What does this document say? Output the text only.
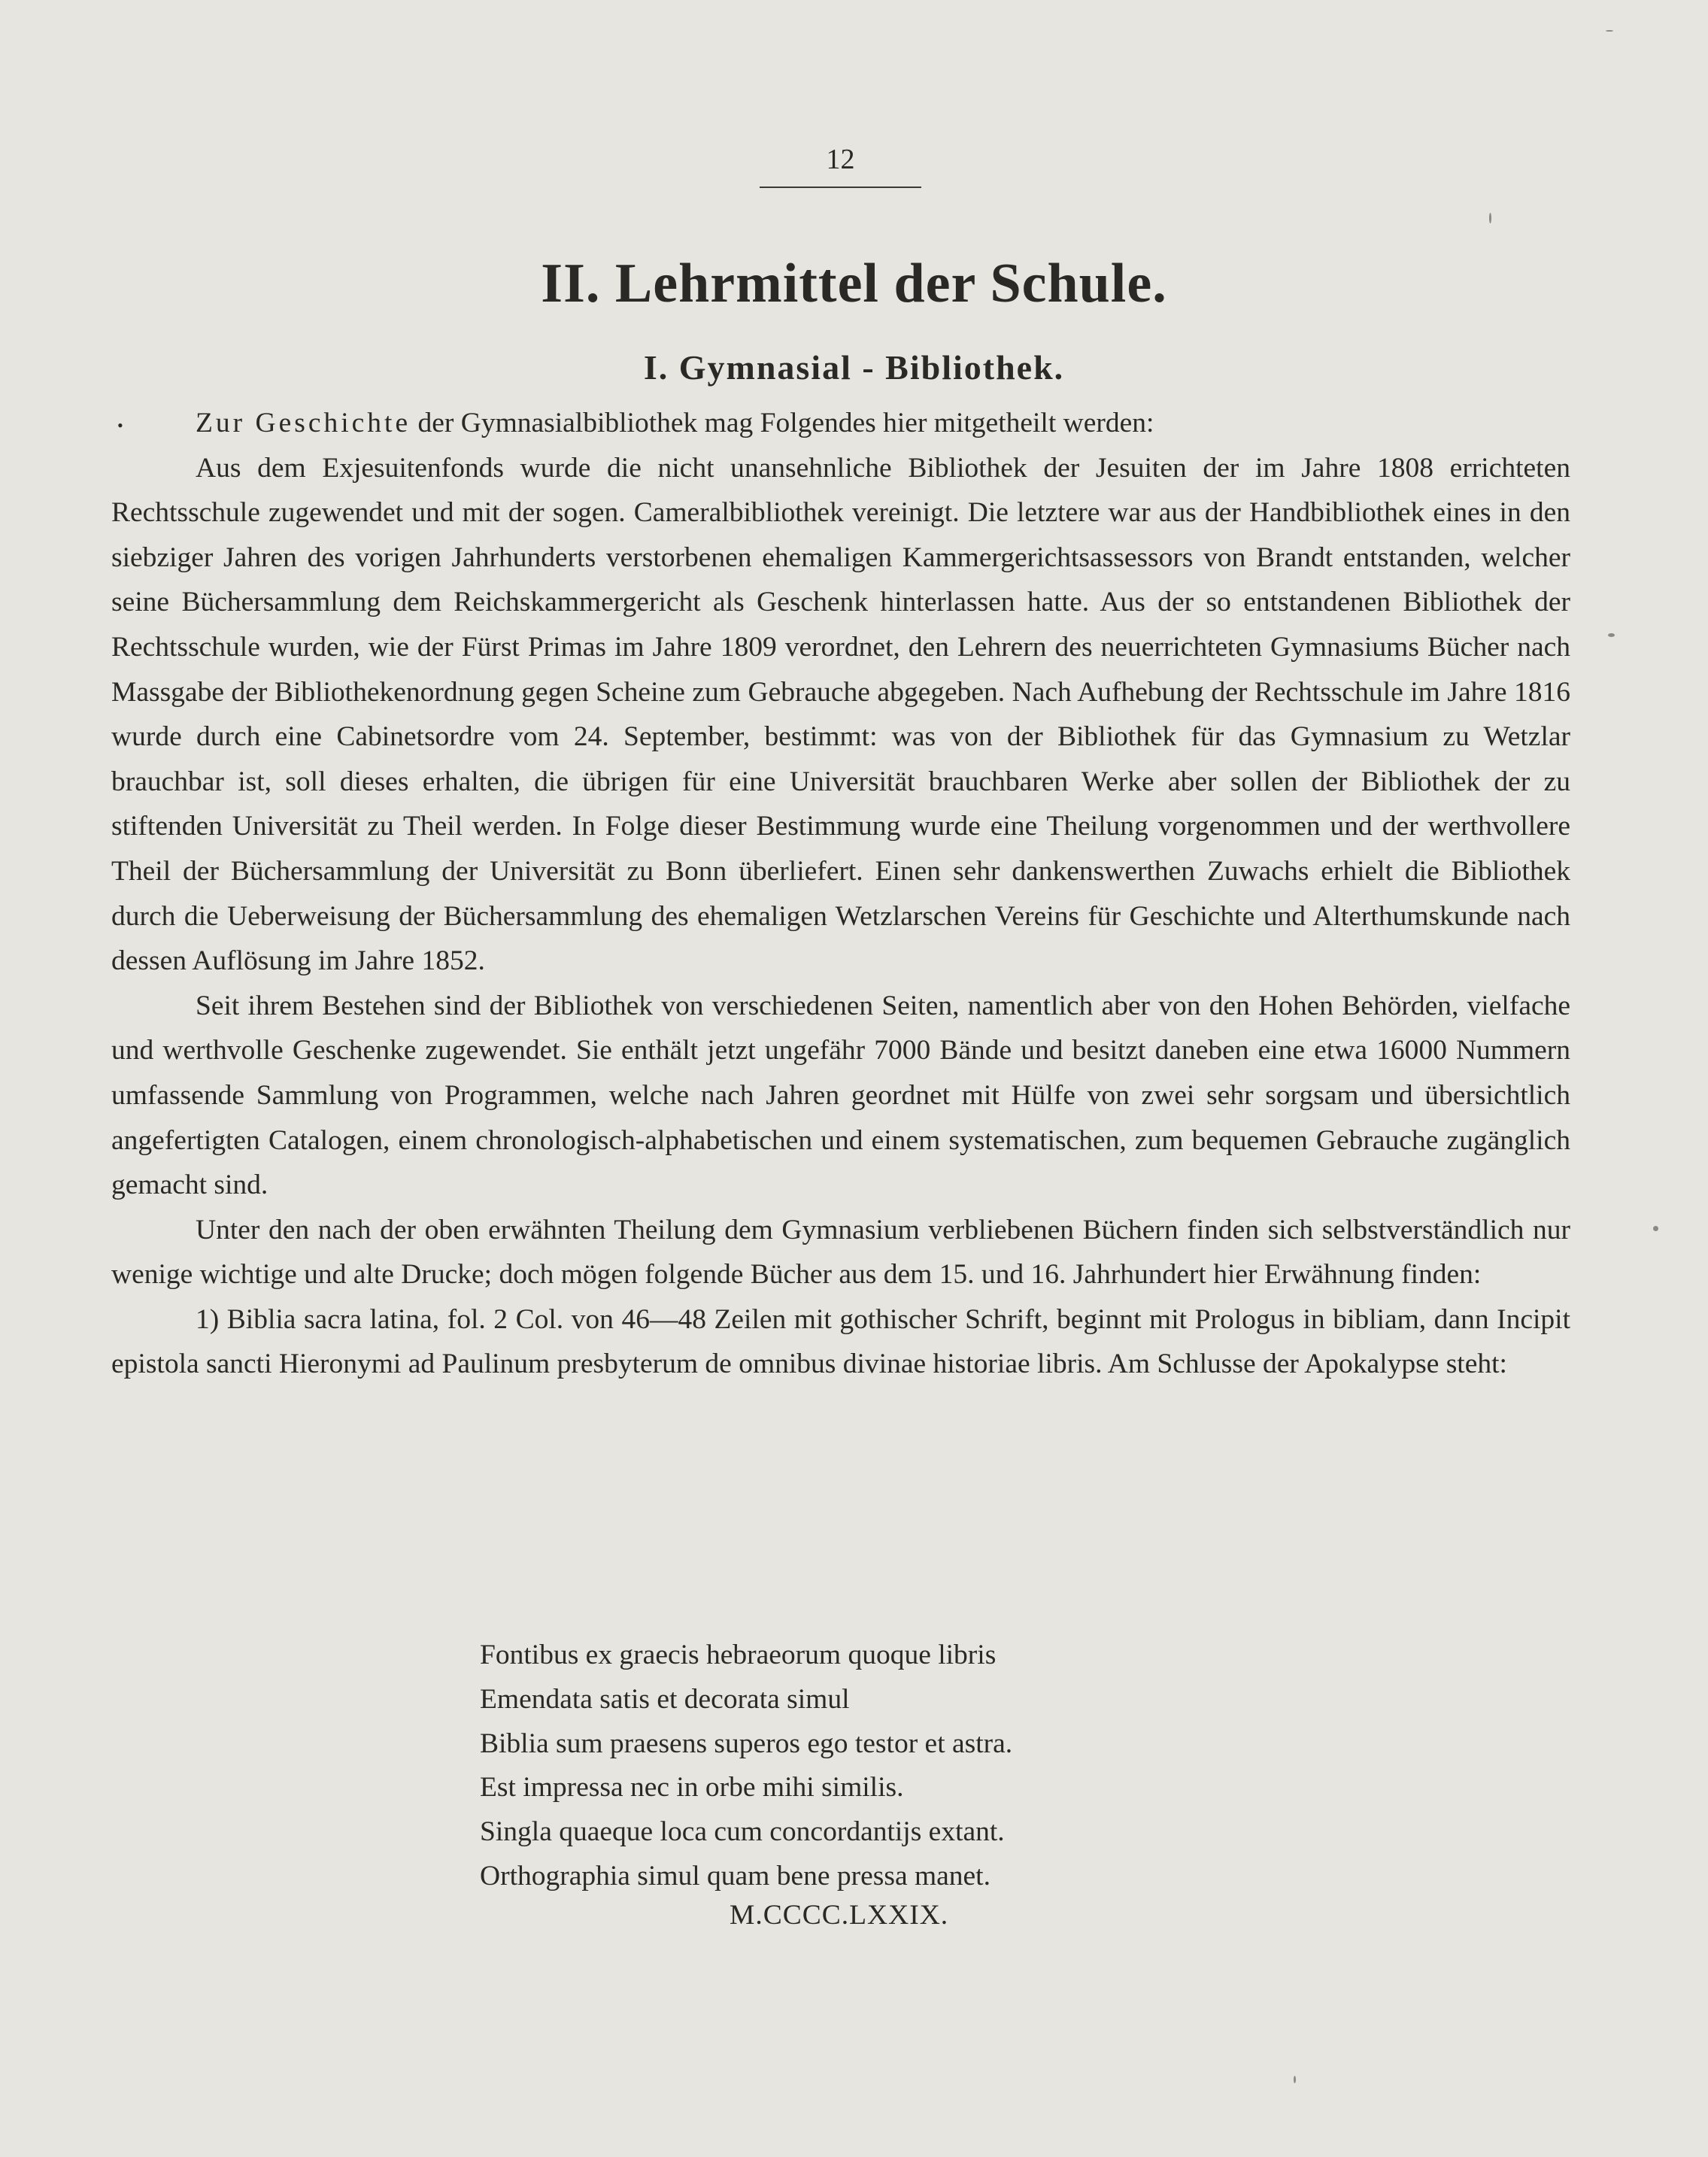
12
II. Lehrmittel der Schule.
I. Gymnasial - Bibliothek.
•	Zur Geschichte der Gymnasialbibliothek mag Folgendes hier mitgetheilt werden:

Aus dem Exjesuitenfonds wurde die nicht unansehnliche Bibliothek der Jesuiten der im Jahre 1808 errichteten Rechtsschule zugewendet und mit der sogen. Cameralbibliothek vereinigt. Die letztere war aus der Handbibliothek eines in den siebziger Jahren des vorigen Jahrhunderts verstorbenen ehemaligen Kammergerichtsassessors von Brandt entstanden, welcher seine Büchersammlung dem Reichskammergericht als Geschenk hinterlassen hatte. Aus der so entstandenen Bibliothek der Rechtsschule wurden, wie der Fürst Primas im Jahre 1809 verordnet, den Lehrern des neuerrichteten Gymnasiums Bücher nach Massgabe der Bibliothekenordnung gegen Scheine zum Gebrauche abgegeben. Nach Aufhebung der Rechtsschule im Jahre 1816 wurde durch eine Cabinetsordre vom 24. September, bestimmt: was von der Bibliothek für das Gymnasium zu Wetzlar brauchbar ist, soll dieses erhalten, die übrigen für eine Universität brauchbaren Werke aber sollen der Bibliothek der zu stiftenden Universität zu Theil werden. In Folge dieser Bestimmung wurde eine Theilung vorgenommen und der werthvollere Theil der Büchersammlung der Universität zu Bonn überliefert. Einen sehr dankenswerthen Zuwachs erhielt die Bibliothek durch die Ueberweisung der Büchersammlung des ehemaligen Wetzlarschen Vereins für Geschichte und Alterthumskunde nach dessen Auflösung im Jahre 1852.

Seit ihrem Bestehen sind der Bibliothek von verschiedenen Seiten, namentlich aber von den Hohen Behörden, vielfache und werthvolle Geschenke zugewendet. Sie enthält jetzt ungefähr 7000 Bände und besitzt daneben eine etwa 16000 Nummern umfassende Sammlung von Programmen, welche nach Jahren geordnet mit Hülfe von zwei sehr sorgsam und übersichtlich angefertigten Catalogen, einem chronologisch-alphabetischen und einem systematischen, zum bequemen Gebrauche zugänglich gemacht sind.

Unter den nach der oben erwähnten Theilung dem Gymnasium verbliebenen Büchern finden sich selbstverständlich nur wenige wichtige und alte Drucke; doch mögen folgende Bücher aus dem 15. und 16. Jahrhundert hier Erwähnung finden:

1) Biblia sacra latina, fol. 2 Col. von 46—48 Zeilen mit gothischer Schrift, beginnt mit Prologus in bibliam, dann Incipit epistola sancti Hieronymi ad Paulinum presbyterum de omnibus divinae historiae libris. Am Schlusse der Apokalypse steht:

Fontibus ex graecis hebraeorum quoque libris
Emendata satis et decorata simul
Biblia sum praesens superos ego testor et astra.
Est impressa nec in orbe mihi similis.
Singla quaeque loca cum concordantijs extant.
Orthographia simul quam bene pressa manet.
M.CCCC.LXXIX.
